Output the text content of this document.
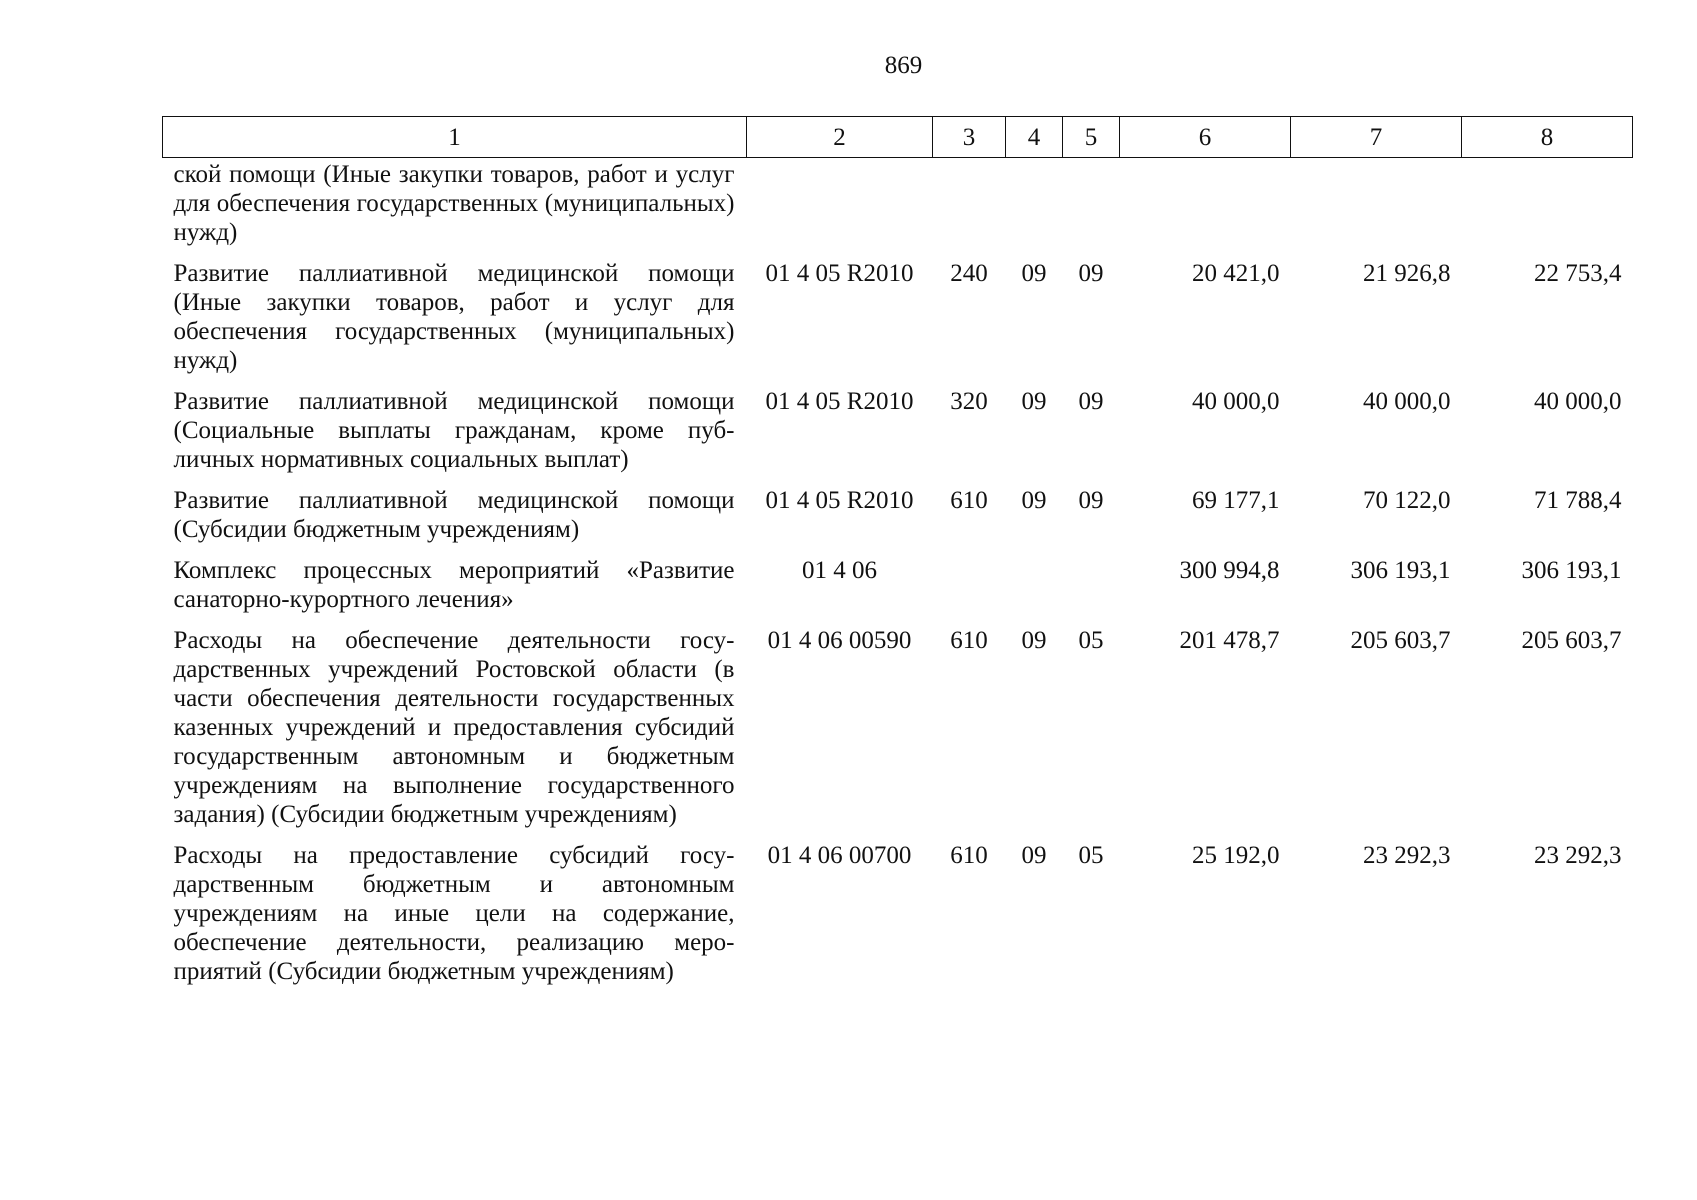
869
1	2	3	4	5	6	7	8
ской помощи (Иные закупки товаров, работ и услуг для обеспечения государственных (муниципальных) нужд)							
Развитие паллиативной медицинской помощи (Иные закупки товаров, работ и услуг для обеспечения государственных (муниципальных) нужд)	01 4 05 R2010	240	09	09	20 421,0	21 926,8	22 753,4
Развитие паллиативной медицинской помощи (Социальные выплаты гражданам, кроме публичных нормативных социальных выплат)	01 4 05 R2010	320	09	09	40 000,0	40 000,0	40 000,0
Развитие паллиативной медицинской помощи (Субсидии бюджетным учреждениям)	01 4 05 R2010	610	09	09	69 177,1	70 122,0	71 788,4
Комплекс процессных мероприятий «Развитие санаторно-курортного лечения»	01 4 06				300 994,8	306 193,1	306 193,1
Расходы на обеспечение деятельности государственных учреждений Ростовской области (в части обеспечения деятельности государственных казенных учреждений и предоставления субсидий государственным автономным и бюджетным учреждениям на выполнение государственного задания) (Субсидии бюджетным учреждениям)	01 4 06 00590	610	09	05	201 478,7	205 603,7	205 603,7
Расходы на предоставление субсидий государственным бюджетным и автономным учреждениям на иные цели на содержание, обеспечение деятельности, реализацию мероприятий (Субсидии бюджетным учреждениям)	01 4 06 00700	610	09	05	25 192,0	23 292,3	23 292,3
